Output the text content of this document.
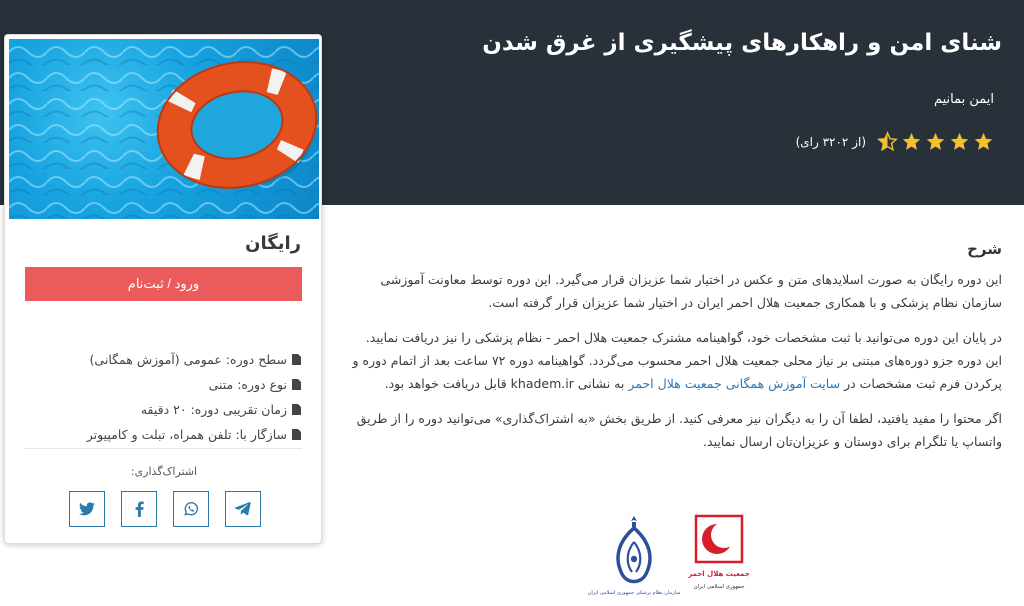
شنای امن و راهکارهای پیشگیری از غرق شدن
ایمن بمانیم
(از ۳۲۰۲ رای)
رایگان
ورود / ثبت‌نام
سطح دوره: عمومی (آموزش همگانی)
نوع دوره: متنی
زمان تقریبی دوره: ۲۰ دقیقه
سازگار با: تلفن همراه، تبلت و کامپیوتر
اشتراک‌گذاری:
شرح

این دوره رایگان به صورت اسلایدهای متن و عکس در اختیار شما عزیزان قرار می‌گیرد. این دوره توسط معاونت آموزشی سازمان نظام پزشکی و با همکاری جمعیت هلال احمر ایران در اختیار شما عزیزان قرار گرفته است.

در پایان این دوره می‌توانید با ثبت مشخصات خود، گواهینامه مشترک جمعیت هلال احمر - نظام پزشکی را نیز دریافت نمایید. این دوره جزو دوره‌های مبتنی بر نیاز محلی جمعیت هلال احمر محسوب می‌گردد. گواهینامه دوره ۷۲ ساعت بعد از اتمام دوره و پرکردن فرم ثبت مشخصات در سایت آموزش همگانی جمعیت هلال احمر به نشانی khadem.ir قابل دریافت خواهد بود.

اگر محتوا را مفید یافتید، لطفا آن را به دیگران نیز معرفی کنید. از طریق بخش «به اشتراک‌گذاری» می‌توانید دوره را از طریق واتساپ یا تلگرام برای دوستان و عزیزان‌تان ارسال نمایید.

سازمان نظام پزشکی جمهوری اسلامی ایران
جمعیت هلال احمر
جمهوری اسلامی ایران
